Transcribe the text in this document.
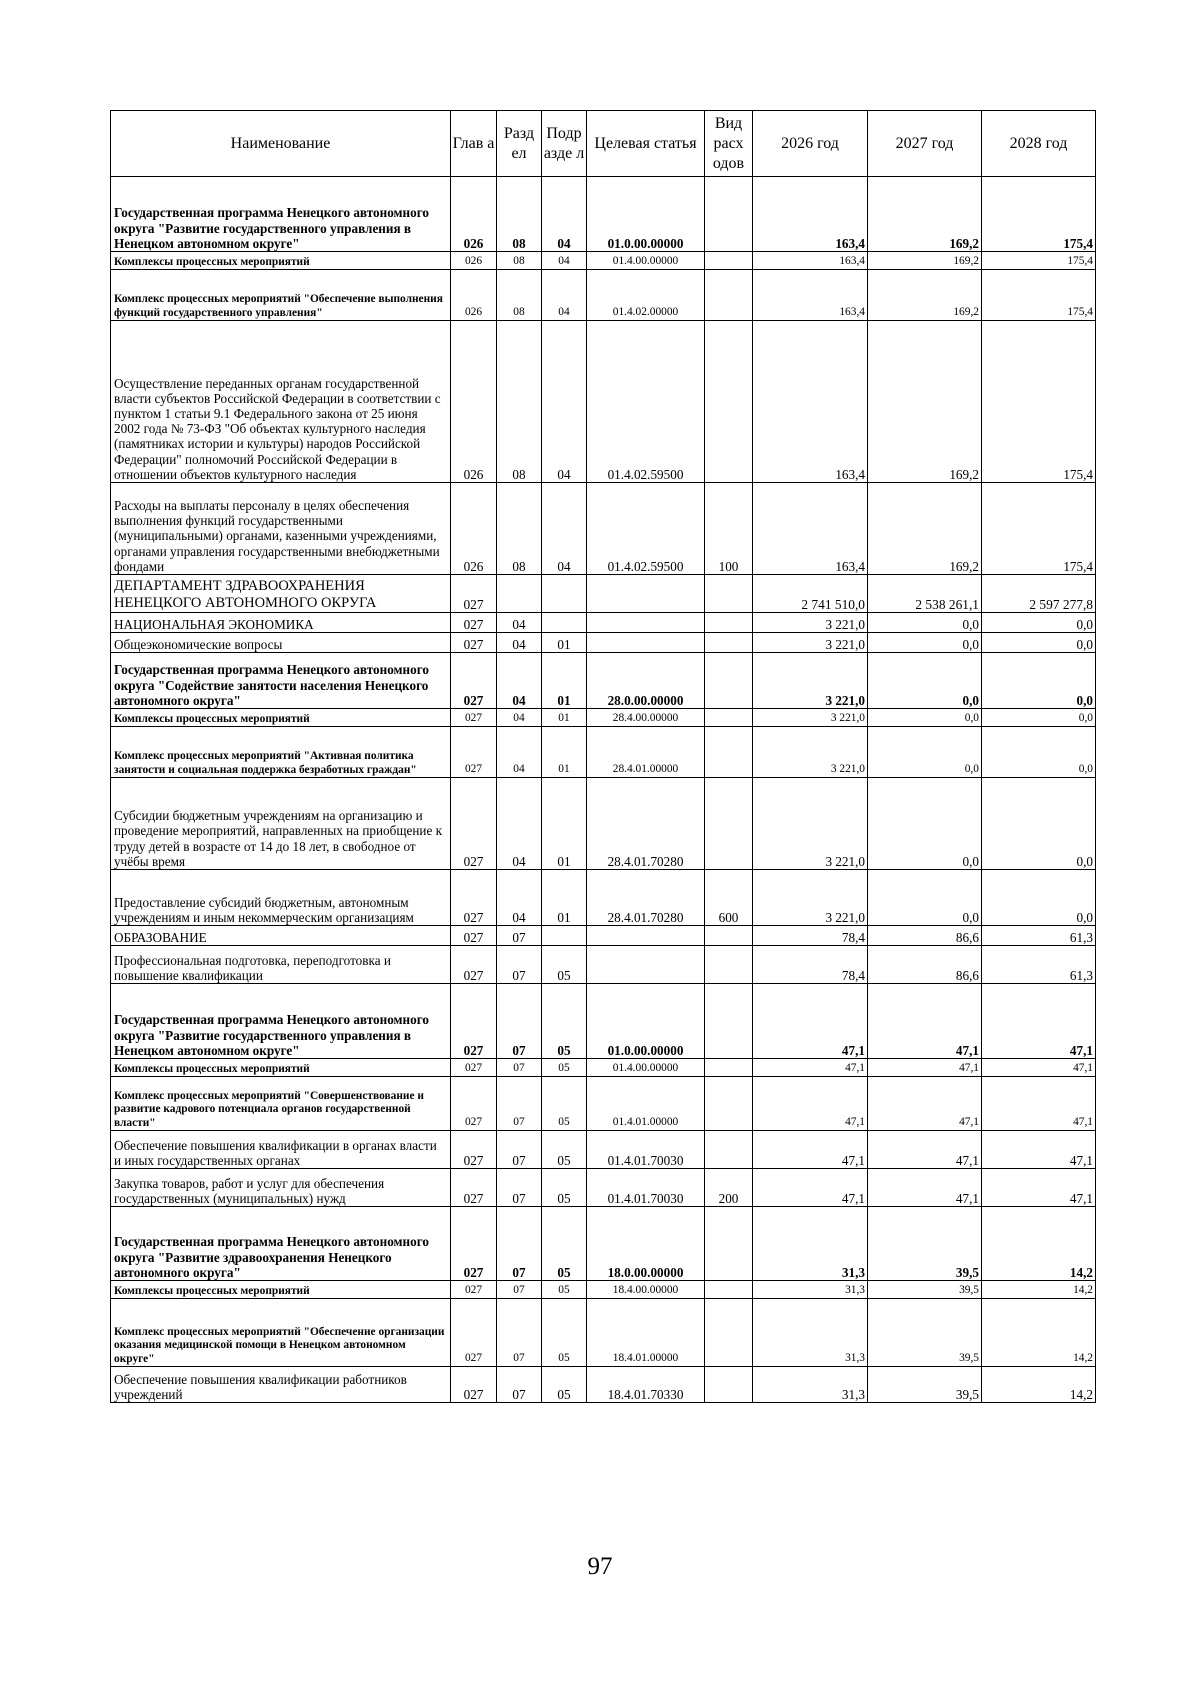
Наименование	Глав а	Разд ел	Подр азде л	Целевая статья	Вид расх одов	2026 год	2027 год	2028 год
Государственная программа Ненецкого автономного округа "Развитие государственного управления в Ненецком автономном округе"	026	08	04	01.0.00.00000		163,4	169,2	175,4
Комплексы процессных мероприятий	026	08	04	01.4.00.00000		163,4	169,2	175,4
Комплекс процессных мероприятий "Обеспечение выполнения функций государственного управления"	026	08	04	01.4.02.00000		163,4	169,2	175,4
Осуществление переданных органам государственной власти субъектов Российской Федерации в соответствии с пунктом 1 статьи 9.1 Федерального закона от 25 июня 2002 года № 73-ФЗ "Об объектах культурного наследия (памятниках истории и культуры) народов Российской Федерации" полномочий Российской Федерации в отношении объектов культурного наследия	026	08	04	01.4.02.59500		163,4	169,2	175,4
Расходы на выплаты персоналу в целях обеспечения выполнения функций государственными (муниципальными) органами, казенными учреждениями, органами управления государственными внебюджетными фондами	026	08	04	01.4.02.59500	100	163,4	169,2	175,4
ДЕПАРТАМЕНТ ЗДРАВООХРАНЕНИЯ НЕНЕЦКОГО АВТОНОМНОГО ОКРУГА	027					2 741 510,0	2 538 261,1	2 597 277,8
НАЦИОНАЛЬНАЯ ЭКОНОМИКА	027	04				3 221,0	0,0	0,0
Общеэкономические вопросы	027	04	01			3 221,0	0,0	0,0
Государственная программа Ненецкого автономного округа "Содействие занятости населения Ненецкого автономного округа"	027	04	01	28.0.00.00000		3 221,0	0,0	0,0
Комплексы процессных мероприятий	027	04	01	28.4.00.00000		3 221,0	0,0	0,0
Комплекс процессных мероприятий "Активная политика занятости и социальная поддержка безработных граждан"	027	04	01	28.4.01.00000		3 221,0	0,0	0,0
Субсидии бюджетным учреждениям на организацию и проведение мероприятий, направленных на приобщение к труду детей в возрасте от 14 до 18 лет, в свободное от учёбы время	027	04	01	28.4.01.70280		3 221,0	0,0	0,0
Предоставление субсидий бюджетным, автономным учреждениям и иным некоммерческим организациям	027	04	01	28.4.01.70280	600	3 221,0	0,0	0,0
ОБРАЗОВАНИЕ	027	07				78,4	86,6	61,3
Профессиональная подготовка, переподготовка и повышение квалификации	027	07	05			78,4	86,6	61,3
Государственная программа Ненецкого автономного округа "Развитие государственного управления в Ненецком автономном округе"	027	07	05	01.0.00.00000		47,1	47,1	47,1
Комплексы процессных мероприятий	027	07	05	01.4.00.00000		47,1	47,1	47,1
Комплекс процессных мероприятий "Совершенствование и развитие кадрового потенциала органов государственной власти"	027	07	05	01.4.01.00000		47,1	47,1	47,1
Обеспечение повышения квалификации в органах власти и иных государственных органах	027	07	05	01.4.01.70030		47,1	47,1	47,1
Закупка товаров, работ и услуг для обеспечения государственных (муниципальных) нужд	027	07	05	01.4.01.70030	200	47,1	47,1	47,1
Государственная программа Ненецкого автономного округа "Развитие здравоохранения Ненецкого автономного округа"	027	07	05	18.0.00.00000		31,3	39,5	14,2
Комплексы процессных мероприятий	027	07	05	18.4.00.00000		31,3	39,5	14,2
Комплекс процессных мероприятий "Обеспечение организации оказания медицинской помощи в Ненецком автономном округе"	027	07	05	18.4.01.00000		31,3	39,5	14,2
Обеспечение повышения квалификации работников учреждений	027	07	05	18.4.01.70330		31,3	39,5	14,2
97
